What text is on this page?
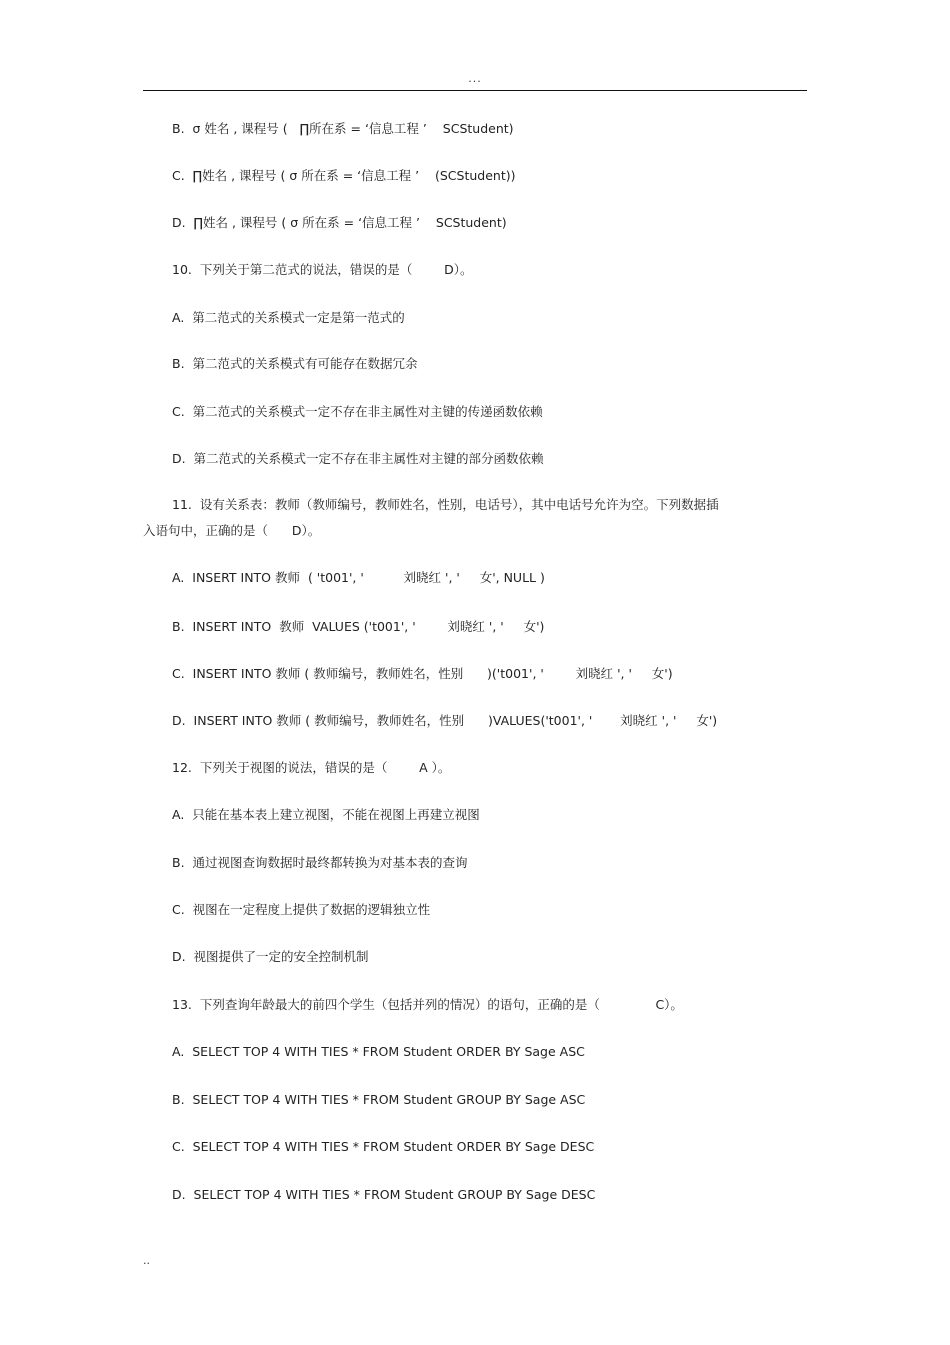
...
B.  σ 姓名 , 课程号 (   ∏所在系 = ‘信息工程 ’    SCStudent)
C.  ∏姓名 , 课程号 ( σ 所在系 = ‘信息工程 ’    (SCStudent))
D.  ∏姓名 , 课程号 ( σ 所在系 = ‘信息工程 ’    SCStudent)
10.  下列关于第二范式的说法，错误的是（        D）。
A.  第二范式的关系模式一定是第一范式的
B.  第二范式的关系模式有可能存在数据冗余
C.  第二范式的关系模式一定不存在非主属性对主键的传递函数依赖
D.  第二范式的关系模式一定不存在非主属性对主键的部分函数依赖
11.  设有关系表：教师（教师编号，教师姓名，性别，电话号），其中电话号允许为空。下列数据插
入语句中，正确的是（      D）。
A.  INSERT INTO 教师  ( 't001', '          刘晓红 ', '     女', NULL )
B.  INSERT INTO  教师  VALUES ('t001', '        刘晓红 ', '     女')
C.  INSERT INTO 教师 ( 教师编号，教师姓名，性别      )('t001', '        刘晓红 ', '     女')
D.  INSERT INTO 教师 ( 教师编号，教师姓名，性别      )VALUES('t001', '       刘晓红 ', '     女')
12.  下列关于视图的说法，错误的是（        A ）。
A.  只能在基本表上建立视图，不能在视图上再建立视图
B.  通过视图查询数据时最终都转换为对基本表的查询
C.  视图在一定程度上提供了数据的逻辑独立性
D.  视图提供了一定的安全控制机制
13.  下列查询年龄最大的前四个学生（包括并列的情况）的语句，正确的是（              C）。
A.  SELECT TOP 4 WITH TIES * FROM Student ORDER BY Sage ASC
B.  SELECT TOP 4 WITH TIES * FROM Student GROUP BY Sage ASC
C.  SELECT TOP 4 WITH TIES * FROM Student ORDER BY Sage DESC
D.  SELECT TOP 4 WITH TIES * FROM Student GROUP BY Sage DESC
..
